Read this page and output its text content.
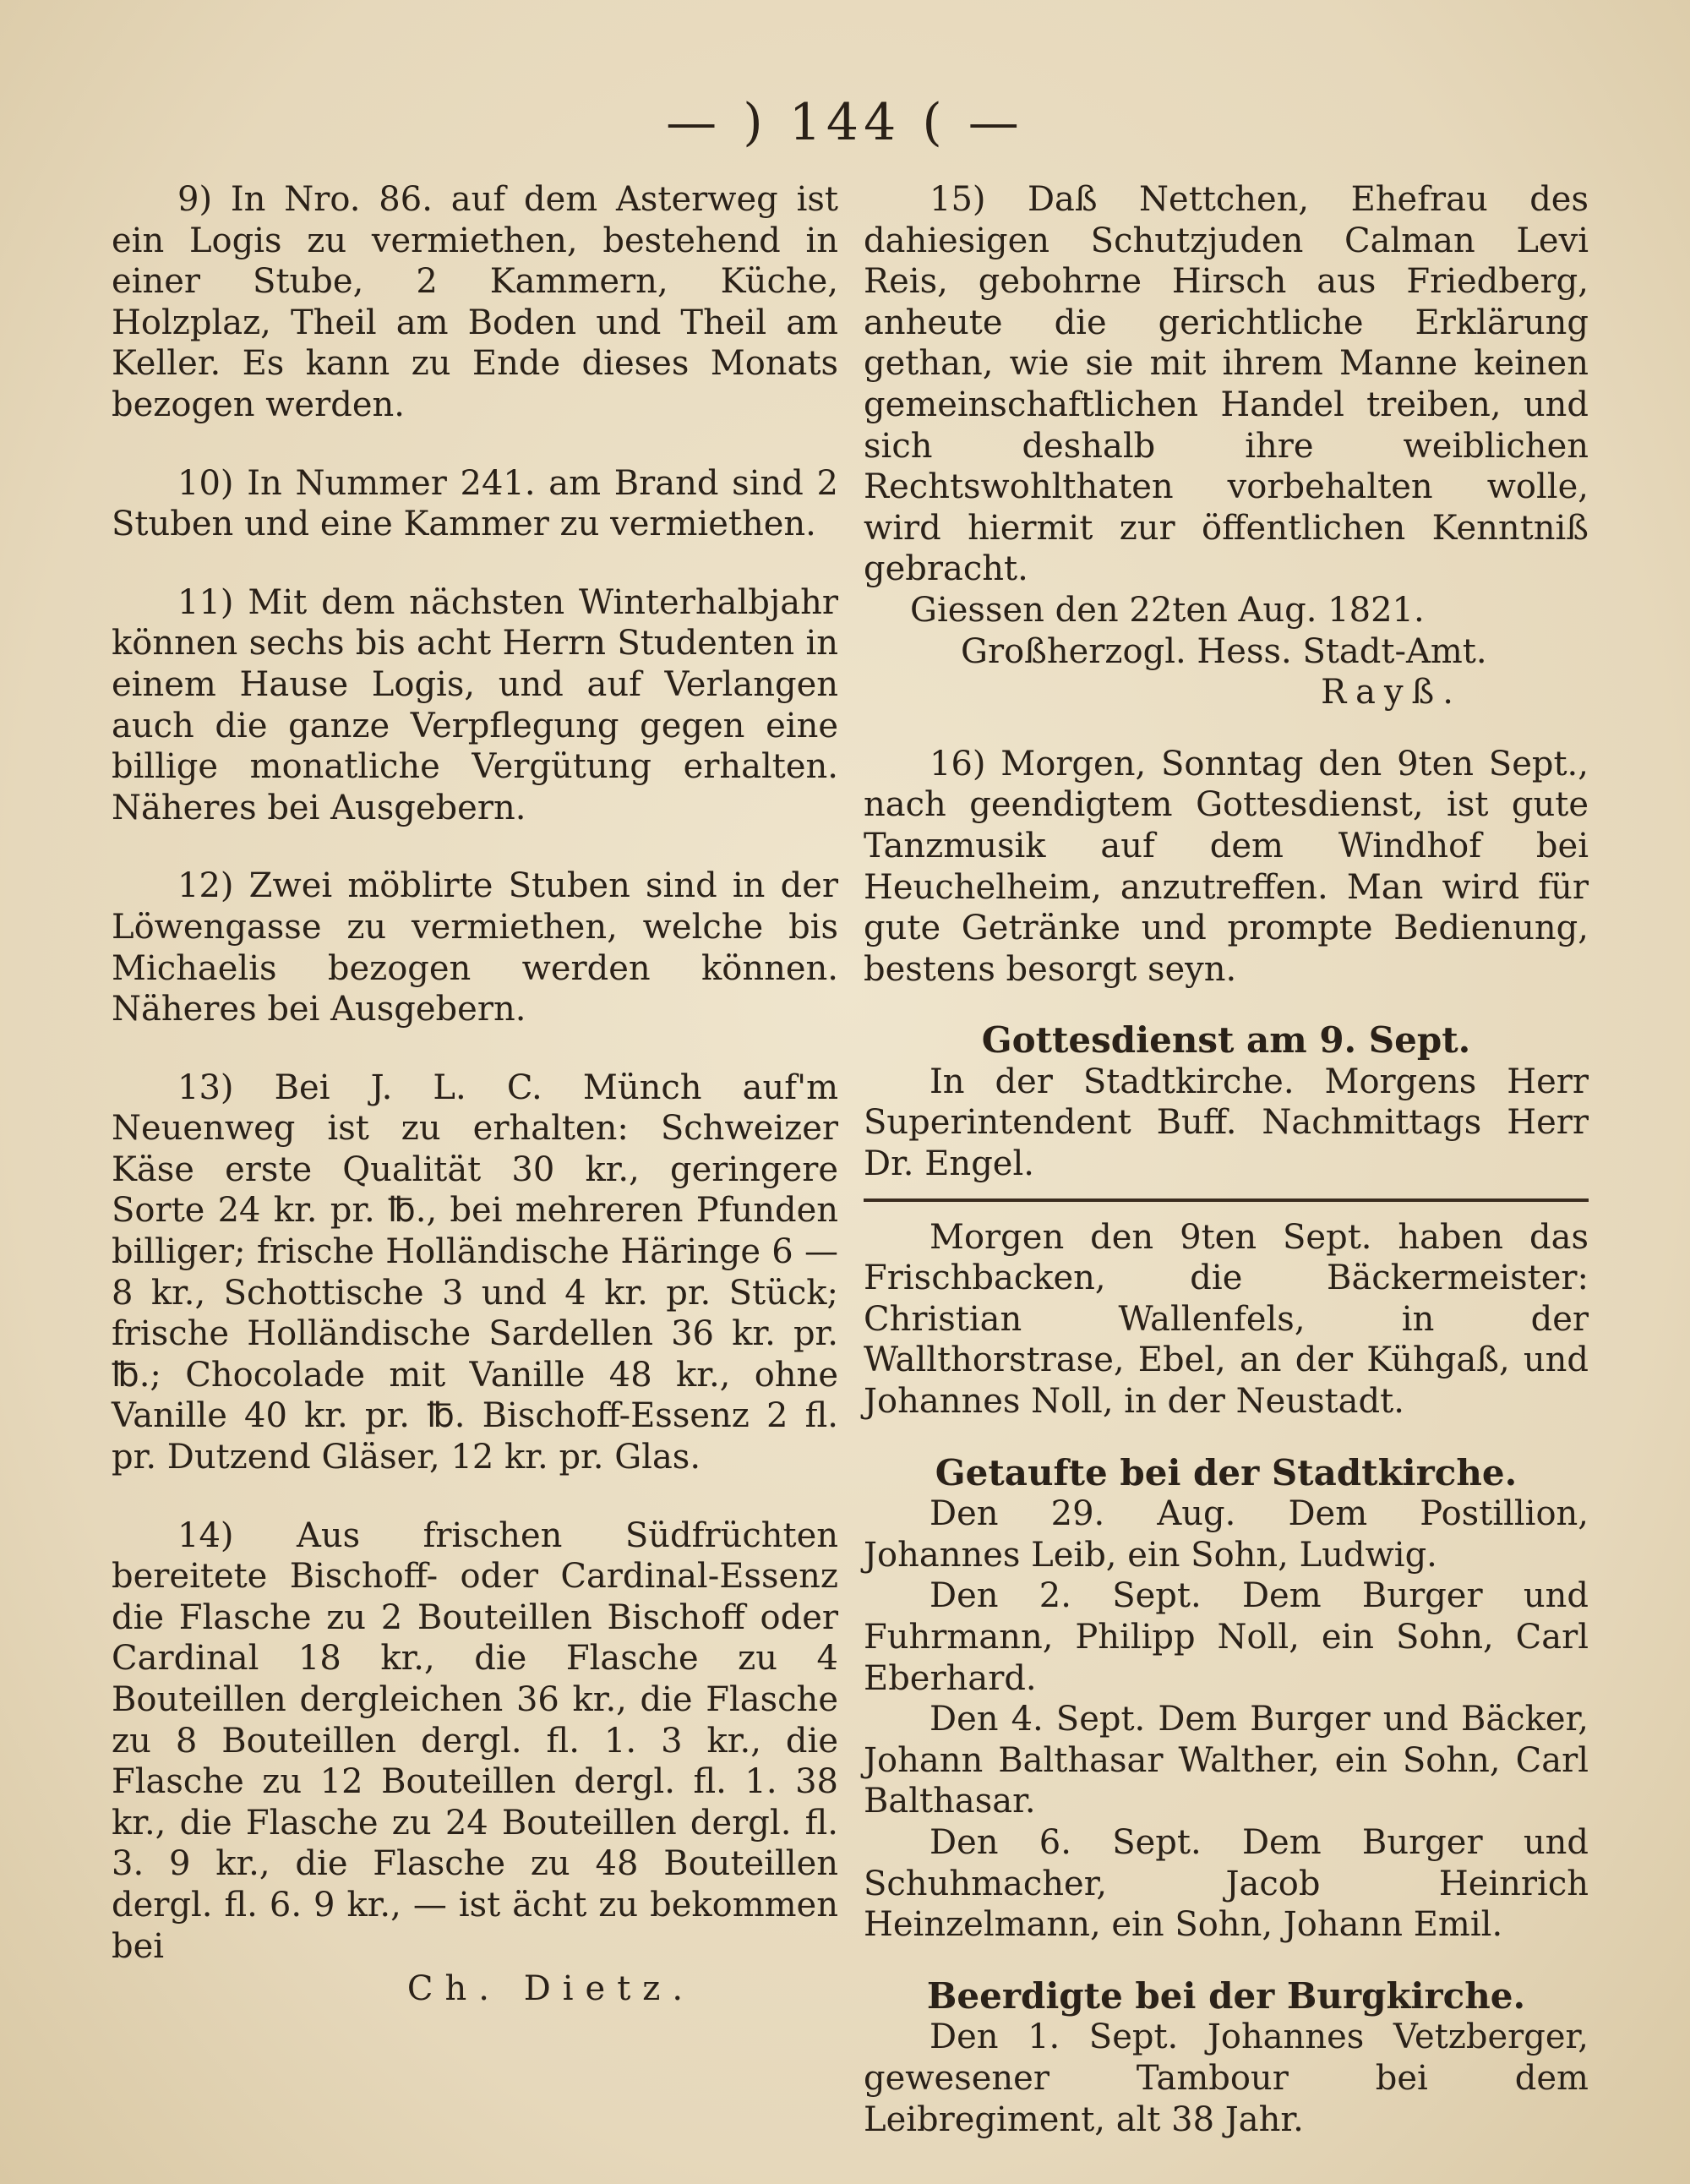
— ) 144 ( —

9) In Nro. 86. auf dem Asterweg ist ein Logis zu vermiethen, bestehend in einer Stube, 2 Kammern, Küche, Holzplaz, Theil am Boden und Theil am Keller. Es kann zu Ende dieses Monats bezogen werden.

10) In Nummer 241. am Brand sind 2 Stuben und eine Kammer zu vermiethen.

11) Mit dem nächsten Winterhalbjahr können sechs bis acht Herrn Studenten in einem Hause Logis, und auf Verlangen auch die ganze Verpflegung gegen eine billige monatliche Vergütung erhalten. Näheres bei Ausgebern.

12) Zwei möblirte Stuben sind in der Löwengasse zu vermiethen, welche bis Michaelis bezogen werden können. Näheres bei Ausgebern.

13) Bei J. L. C. Münch auf'm Neuenweg ist zu erhalten: Schweizer Käse erste Qualität 30 kr., geringere Sorte 24 kr. pr. ℔., bei mehreren Pfunden billiger; frische Holländische Häringe 6 — 8 kr., Schottische 3 und 4 kr. pr. Stück; frische Holländische Sardellen 36 kr. pr. ℔.; Chocolade mit Vanille 48 kr., ohne Vanille 40 kr. pr. ℔. Bischoff-Essenz 2 fl. pr. Dutzend Gläser, 12 kr. pr. Glas.

14) Aus frischen Südfrüchten bereitete Bischoff- oder Cardinal-Essenz die Flasche zu 2 Bouteillen Bischoff oder Cardinal 18 kr., die Flasche zu 4 Bouteillen dergleichen 36 kr., die Flasche zu 8 Bouteillen dergl. fl. 1. 3 kr., die Flasche zu 12 Bouteillen dergl. fl. 1. 38 kr., die Flasche zu 24 Bouteillen dergl. fl. 3. 9 kr., die Flasche zu 48 Bouteillen dergl. fl. 6. 9 kr., — ist ächt zu bekommen bei

Ch. Dietz.

15) Daß Nettchen, Ehefrau des dahiesigen Schutzjuden Calman Levi Reis, gebohrne Hirsch aus Friedberg, anheute die gerichtliche Erklärung gethan, wie sie mit ihrem Manne keinen gemeinschaftlichen Handel treiben, und sich deshalb ihre weiblichen Rechtswohlthaten vorbehalten wolle, wird hiermit zur öffentlichen Kenntniß gebracht.

Giessen den 22ten Aug. 1821.
Großherzogl. Hess. Stadt-Amt.
Rayß.

16) Morgen, Sonntag den 9ten Sept., nach geendigtem Gottesdienst, ist gute Tanzmusik auf dem Windhof bei Heuchelheim, anzutreffen. Man wird für gute Getränke und prompte Bedienung, bestens besorgt seyn.

Gottesdienst am 9. Sept.

In der Stadtkirche. Morgens Herr Superintendent Buff. Nachmittags Herr Dr. Engel.

Morgen den 9ten Sept. haben das Frischbacken, die Bäckermeister: Christian Wallenfels, in der Wallthorstrase, Ebel, an der Kühgaß, und Johannes Noll, in der Neustadt.

Getaufte bei der Stadtkirche.

Den 29. Aug. Dem Postillion, Johannes Leib, ein Sohn, Ludwig.

Den 2. Sept. Dem Burger und Fuhrmann, Philipp Noll, ein Sohn, Carl Eberhard.

Den 4. Sept. Dem Burger und Bäcker, Johann Balthasar Walther, ein Sohn, Carl Balthasar.

Den 6. Sept. Dem Burger und Schuhmacher, Jacob Heinrich Heinzelmann, ein Sohn, Johann Emil.

Beerdigte bei der Burgkirche.

Den 1. Sept. Johannes Vetzberger, gewesener Tambour bei dem Leibregiment, alt 38 Jahr.
